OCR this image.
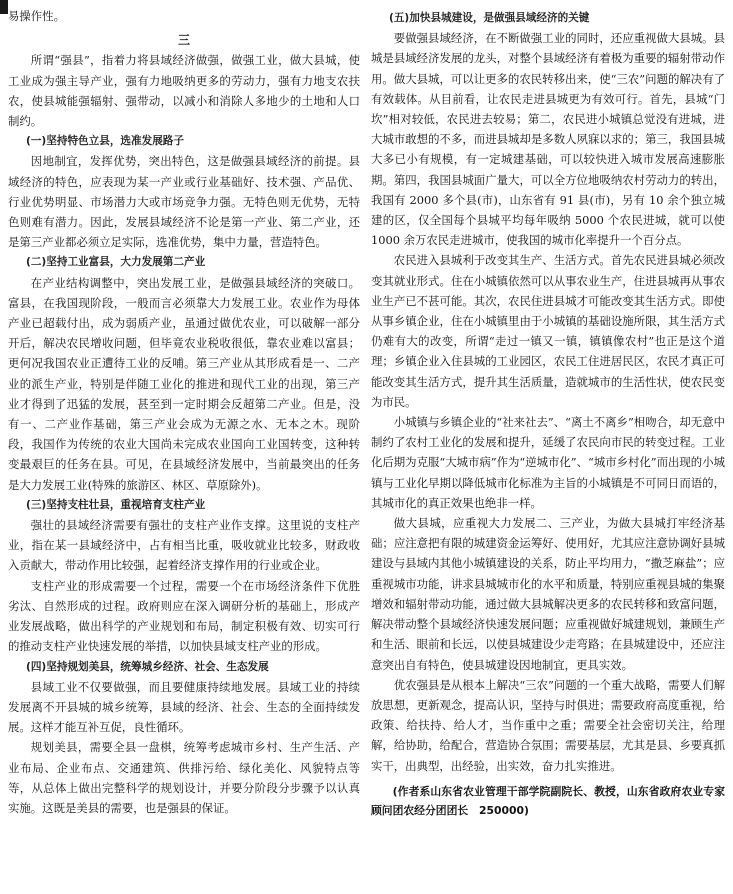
易操作性。

三

所谓“强县”，指着力将县域经济做强，做强工业，做大县城，使工业成为强主导产业，强有力地吸纳更多的劳动力，强有力地支农扶农，使县城能强辐射、强带动，以减小和消除人多地少的土地和人口制约。

(一)坚持特色立县，选准发展路子

因地制宜，发挥优势，突出特色，这是做强县域经济的前提。县域经济的特色，应表现为某一产业或行业基础好、技术强、产品优、行业优势明显、市场潜力大或市场竞争力强。无特色则无优势，无特色则难有潜力。因此，发展县域经济不论是第一产业、第二产业，还是第三产业都必须立足实际，选准优势，集中力量，营造特色。

(二)坚持工业富县，大力发展第二产业

在产业结构调整中，突出发展工业，是做强县域经济的突破口。富县，在我国现阶段，一般而言必须靠大力发展工业。农业作为母体产业已超载付出，成为弱质产业，虽通过做优农业，可以破解一部分开后，解决农民增收问题，但毕竟农业税收很低，靠农业难以富县；更何况我国农业正遭待工业的反哺。第三产业从其形成看是一、二产业的派生产业，特别是伴随工业化的推进和现代工业的出现，第三产业才得到了迅猛的发展，甚至到一定时期会反超第二产业。但是，没有一、二产业作基础，第三产业会成为无源之水、无本之木。现阶段，我国作为传统的农业大国尚未完成农业国向工业国转变，这种转变最艰巨的任务在县。可见，在县域经济发展中，当前最突出的任务是大力发展工业(特殊的旅游区、林区、草原除外)。

(三)坚持支柱壮县，重视培育支柱产业

强壮的县域经济需要有强壮的支柱产业作支撑。这里说的支柱产业，指在某一县域经济中，占有相当比重，吸收就业比较多，财政收入贡献大，带动作用比较强，起着经济支撑作用的行业或企业。

支柱产业的形成需要一个过程，需要一个在市场经济条件下优胜劣汰、自然形成的过程。政府则应在深入调研分析的基础上，形成产业发展战略，做出科学的产业规划和布局，制定积极有效、切实可行的推动支柱产业快速发展的举措，以加快县域支柱产业的形成。

(四)坚持规划美县，统筹城乡经济、社会、生态发展

县域工业不仅要做强，而且要健康持续地发展。县域工业的持续发展离不开县城的城乡统筹，县域的经济、社会、生态的全面持续发展。这样才能互补互促，良性循环。

规划美县，需要全县一盘棋，统筹考虑城市乡村、生产生活、产业布局、企业布点、交通建筑、供排污给、绿化美化、风貌特点等等，从总体上做出完整科学的规划设计，并要分阶段分步骤予以认真实施。这既是美县的需要，也是强县的保证。

(五)加快县城建设，是做强县域经济的关键

要做强县域经济，在不断做强工业的同时，还应重视做大县城。县城是县域经济发展的龙头，对整个县域经济有着极为重要的辐射带动作用。做大县城，可以让更多的农民转移出来，使“三农”问题的解决有了有效载体。从目前看，让农民走进县城更为有效可行。首先，县城“门坎”相对较低，农民进去较易；第二，农民进小城镇总觉没有进城，进大城市敢想的不多，而进县城却是多数人夙寐以求的；第三，我国县城大多已小有规模，有一定城建基础，可以较快进入城市发展高速膨胀期。第四，我国县城面广量大，可以全方位地吸纳农村劳动力的转出，我国有 2000 多个县(市)，山东省有 91 县(市)，另有 10 余个独立城建的区，仅全国每个县城平均每年吸纳 5000 个农民进城，就可以使 1000 余万农民走进城市，使我国的城市化率提升一个百分点。

农民进入县城利于改变其生产、生活方式。首先农民进县城必须改变其就业形式。住在小城镇依然可以从事农业生产，住进县城再从事农业生产已不甚可能。其次，农民住进县城才可能改变其生活方式。即使从事乡镇企业，住在小城镇里由于小城镇的基础设施所限，其生活方式仍难有大的改变，所谓“走过一镇又一镇，镇镇像农村”也正是这个道理；乡镇企业入住县城的工业园区，农民工住进居民区，农民才真正可能改变其生活方式，提升其生活质量，造就城市的生活性状，使农民变为市民。

小城镇与乡镇企业的“社来社去”、“离土不离乡”相吻合，却无意中制约了农村工业化的发展和提升，延缓了农民向市民的转变过程。工业化后期为克服“大城市病”作为“逆城市化”、“城市乡村化”而出现的小城镇与工业化早期以降低城市化标准为主旨的小城镇是不可同日而语的，其城市化的真正效果也绝非一样。

做大县城，应重视大力发展二、三产业，为做大县城打牢经济基础；应注意把有限的城建资金运筹好、使用好，尤其应注意协调好县城建设与县域内其他小城镇建设的关系，防止平均用力，“撒芝麻盐”；应重视城市功能，讲求县城城市化的水平和质量，特别应重视县城的集聚增效和辐射带动功能，通过做大县城解决更多的农民转移和致富问题，解决带动整个县域经济快速发展问题；应重视做好城建规划，兼顾生产和生活、眼前和长远，以使县城建设少走弯路；在县城建设中，还应注意突出自有特色，使县城建设因地制宜，更具实效。

优农强县是从根本上解决“三农”问题的一个重大战略，需要人们解放思想，更新观念，提高认识，坚持与时俱进；需要政府高度重视，给政策、给扶持、给人才，当作重中之重；需要全社会密切关注，给理解，给协助，给配合，营造协合氛围；需要基层，尤其是县、乡要真抓实干，出典型，出经验，出实效，奋力扎实推进。

(作者系山东省农业管理干部学院副院长、教授，山东省政府农业专家顾问团农经分团团长　250000)
